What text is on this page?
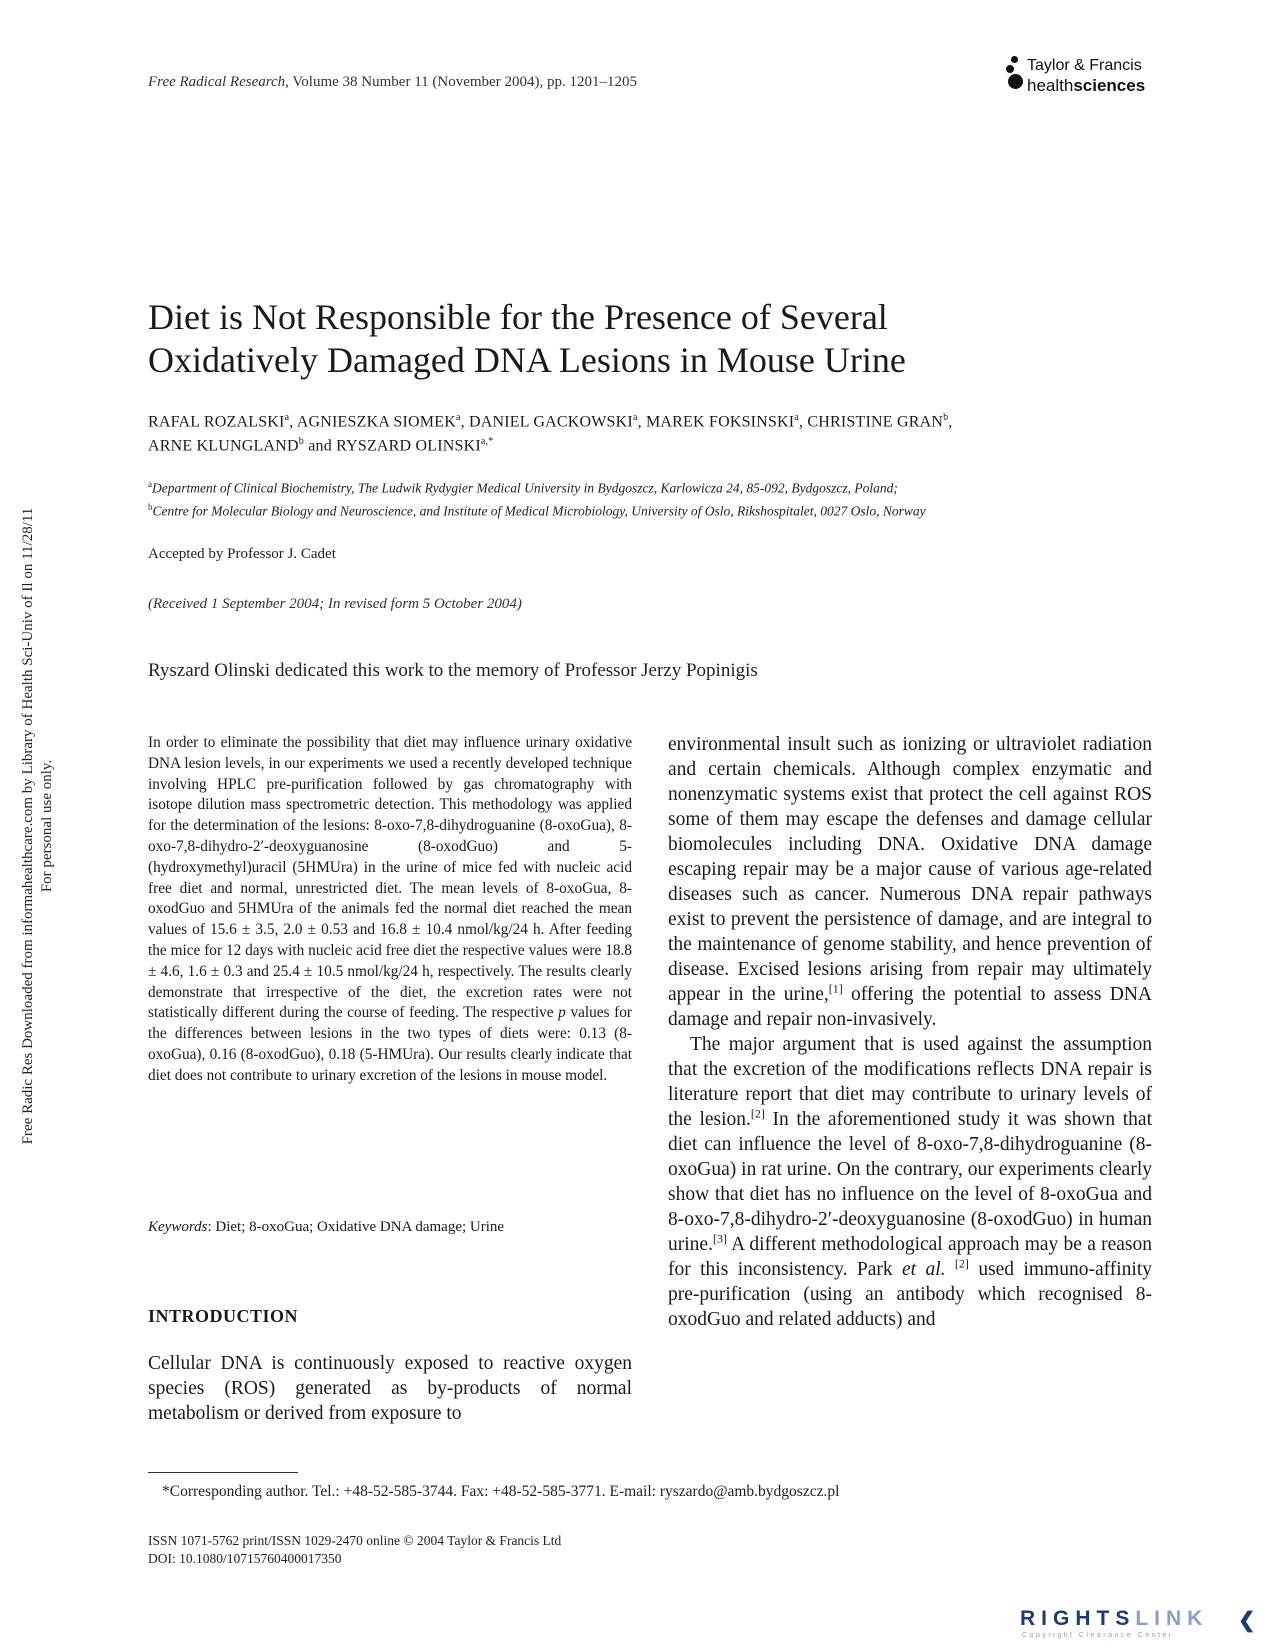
Free Radical Research, Volume 38 Number 11 (November 2004), pp. 1201–1205
Taylor & Francis
healthsciences
Diet is Not Responsible for the Presence of Several
Oxidatively Damaged DNA Lesions in Mouse Urine
RAFAL ROZALSKI$^a$, AGNIESZKA SIOMEK$^a$, DANIEL GACKOWSKI$^a$, MAREK FOKSINSKI$^a$, CHRISTINE GRAN$^b$,
ARNE KLUNGLAND$^b$ and RYSZARD $OLINSKI^{a,*}$
$^a$Department of Clinical Biochemistry, The Ludwik Rydygier Medical University in Bydgoszcz, Karlowicza 24, 85-092, Bydgoszcz, Poland;
$^b$Centre for Molecular Biology and Neuroscience, and Institute of Medical Microbiology, University of Oslo, Rikshospitalet, 0027 Oslo, Norway
Accepted by Professor J. Cadet
(Received 1 September 2004; In revised form 5 October 2004)
Ryszard Olinski dedicated this work to the memory of Professor Jerzy Popinigis
In order to eliminate the possibility that diet may influence urinary oxidative DNA lesion levels, in our experiments we used a recently developed technique involving HPLC pre-purification followed by gas chromatography with isotope dilution mass spectrometric detection. This methodology was applied for the determination of the lesions: 8-oxo-7,8-dihydroguanine (8-oxoGua), 8-oxo-7,8-dihydro-2′-deoxyguanosine (8-oxodGuo) and 5-(hydroxymethyl)uracil (5HMUra) in the urine of mice fed with nucleic acid free diet and normal, unrestricted diet. The mean levels of 8-oxoGua, 8-oxodGuo and 5HMUra of the animals fed the normal diet reached the mean values of 15.6 ± 3.5, 2.0 ± 0.53 and 16.8 ± 10.4 nmol/kg/24 h. After feeding the mice for 12 days with nucleic acid free diet the respective values were 18.8 ± 4.6, 1.6 ± 0.3 and 25.4 ± 10.5 nmol/kg/24 h, respectively. The results clearly demonstrate that irrespective of the diet, the excretion rates were not statistically different during the course of feeding. The respective p values for the differences between lesions in the two types of diets were: 0.13 (8-oxoGua), 0.16 (8-oxodGuo), 0.18 (5-HMUra). Our results clearly indicate that diet does not contribute to urinary excretion of the lesions in mouse model.
Keywords: Diet; 8-oxoGua; Oxidative DNA damage; Urine
INTRODUCTION
Cellular DNA is continuously exposed to reactive oxygen species (ROS) generated as by-products of normal metabolism or derived from exposure to

environmental insult such as ionizing or ultraviolet radiation and certain chemicals. Although complex enzymatic and nonenzymatic systems exist that protect the cell against ROS some of them may escape the defenses and damage cellular biomolecules including DNA. Oxidative DNA damage escaping repair may be a major cause of various age-related diseases such as cancer. Numerous DNA repair pathways exist to prevent the persistence of damage, and are integral to the maintenance of genome stability, and hence prevention of disease. Excised lesions arising from repair may ultimately appear in the urine,[1] offering the potential to assess DNA damage and repair non-invasively.

The major argument that is used against the assumption that the excretion of the modifications reflects DNA repair is literature report that diet may contribute to urinary levels of the lesion.[2] In the aforementioned study it was shown that diet can influence the level of 8-oxo-7,8-dihydroguanine (8-oxoGua) in rat urine. On the contrary, our experiments clearly show that diet has no influence on the level of 8-oxoGua and 8-oxo-7,8-dihydro-2′-deoxyguanosine (8-oxodGuo) in human urine.[3] A different methodological approach may be a reason for this inconsistency. Park et al. [2] used immuno-affinity pre-purification (using an antibody which recognised 8-oxodGuo and related adducts) and

*Corresponding author. Tel.: +48-52-585-3744. Fax: +48-52-585-3771. E-mail: ryszardo@amb.bydgoszcz.pl
ISSN 1071-5762 print/ISSN 1029-2470 online © 2004 Taylor & Francis Ltd
DOI: 10.1080/10715760400017350
Free Radic Res Downloaded from informahealthcare.com by Library of Health Sci-Univ of Il on 11/28/11 For personal use only.
RIGHTSLINK ❮
Copyright Clearance Center
